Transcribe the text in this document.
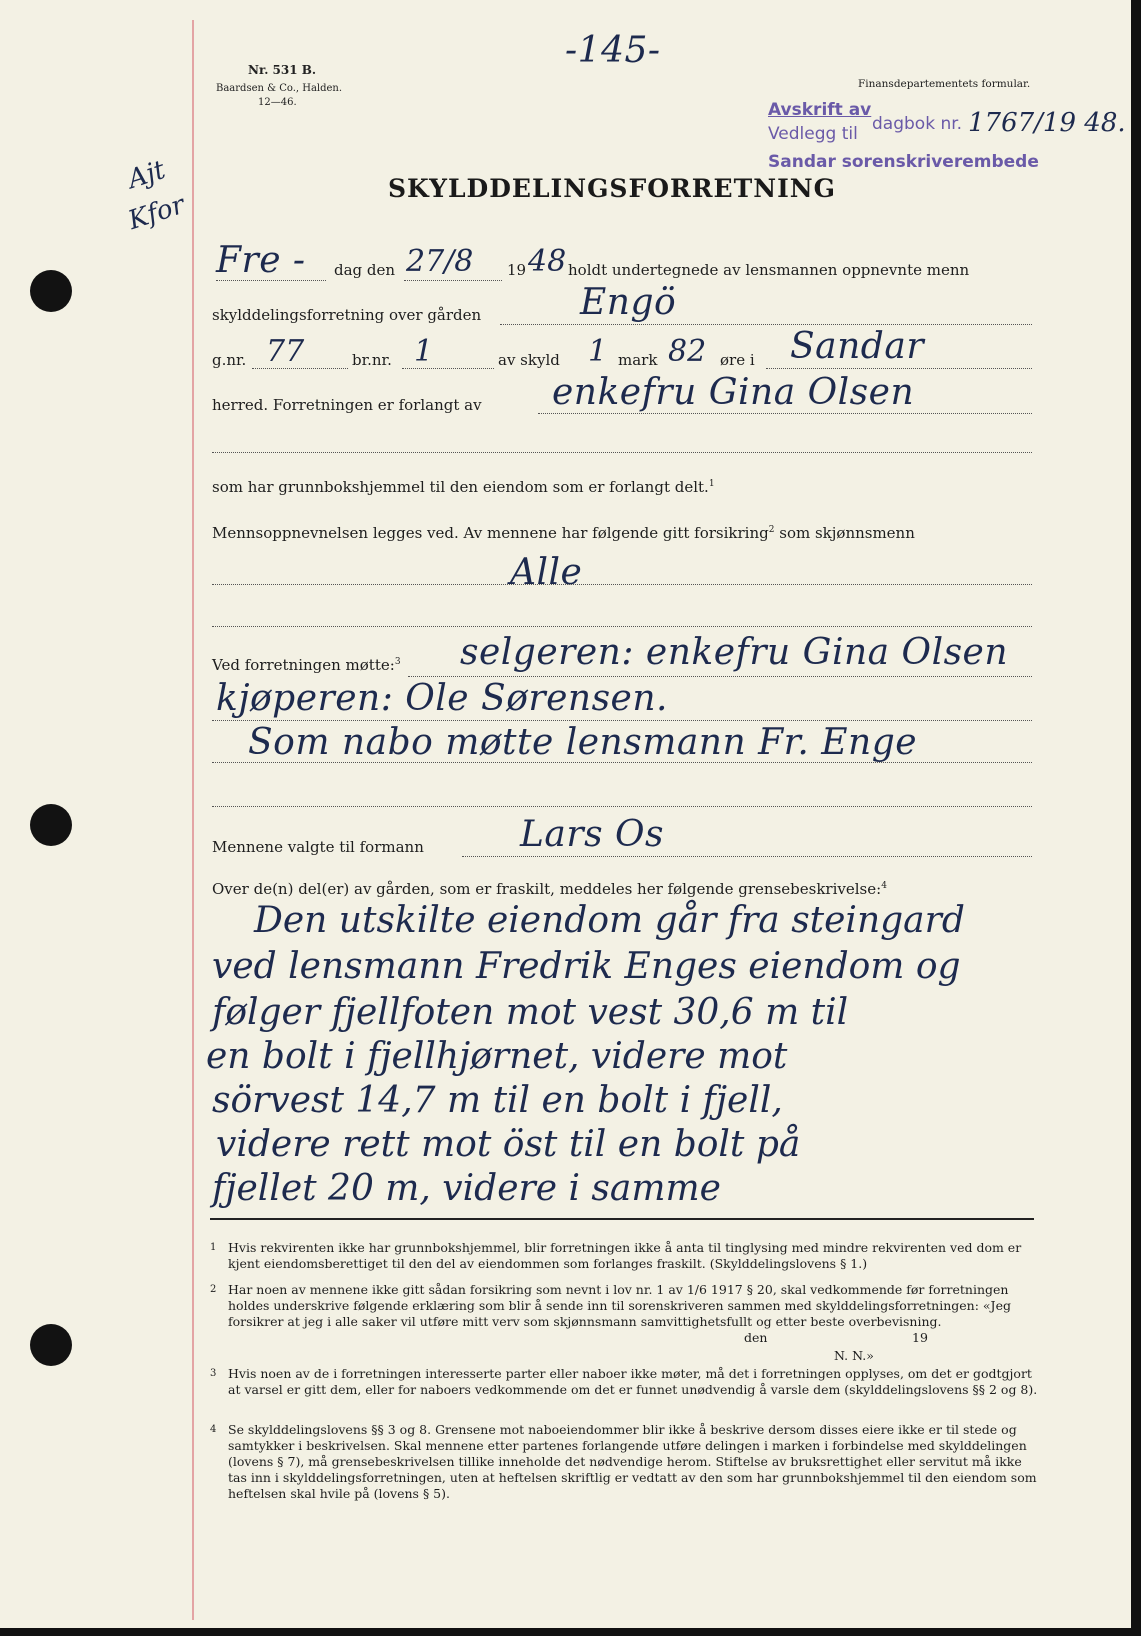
Nr. 531 B.
Baardsen & Co., Halden.
12—46.
-145-
Finansdepartementets formular.
Avskrift av
Vedlegg til dagbok nr. 1767/19 48.
Sandar sorenskriverembede
Ajt
Kfor
SKYLDDELINGSFORRETNING
Fre - dag den 27/8 19 48 holdt undertegnede av lensmannen oppnevnte menn
skylddelingsforretning over gården	Engö
g.nr. 77	br.nr. 1	av skyld 1 mark 82 øre i Sandar
herred. Forretningen er forlangt av enkefru Gina Olsen
som har grunnbokshjemmel til den eiendom som er forlangt delt.$^1$
Mennsoppnevnelsen legges ved. Av mennene har følgende gitt forsikring$^2$ som skjønnsmenn
Alle
Ved forretningen møtte:$^3$ selgeren: enkefru Gina Olsen
kjøperen: Ole Sørensen.
Som nabo møtte lensmann Fr. Enge
Mennene valgte til formann	Lars Os
Over de(n) del(er) av gården, som er fraskilt, meddeles her følgende grensebeskrivelse:$^4$
Den utskilte eiendom går fra steingard
ved lensmann Fredrik Enges eiendom og
følger fjellfoten mot vest 30,6 m til
en bolt i fjellhjørnet, videre mot
sörvest 14,7 m til en bolt i fjell,
videre rett mot öst til en bolt på
fjellet 20 m, videre i samme
1 Hvis rekvirenten ikke har grunnbokshjemmel, blir forretningen ikke å anta til tinglysing med mindre rekvirenten ved dom er kjent eiendomsberettiget til den del av eiendommen som forlanges fraskilt. (Skylddelingslovens § 1.)
2 Har noen av mennene ikke gitt sådan forsikring som nevnt i lov nr. 1 av 1/6 1917 § 20, skal vedkommende før forretningen holdes underskrive følgende erklæring som blir å sende inn til sorenskriveren sammen med skylddelingsforretningen: «Jeg forsikrer at jeg i alle saker vil utføre mitt verv som skjønnsmann samvittighetsfullt og etter beste overbevisning.
den	19
N. N.»
3 Hvis noen av de i forretningen interesserte parter eller naboer ikke møter, må det i forretningen opplyses, om det er godtgjort at varsel er gitt dem, eller for naboers vedkommende om det er funnet unødvendig å varsle dem (skylddelingslovens §§ 2 og 8).
4 Se skylddelingslovens §§ 3 og 8. Grensene mot naboeiendommer blir ikke å beskrive dersom disses eiere ikke er til stede og samtykker i beskrivelsen. Skal mennene etter partenes forlangende utføre delingen i marken i forbindelse med skylddelingen (lovens § 7), må grensebeskrivelsen tillike inneholde det nødvendige herom. Stiftelse av bruksrettighet eller servitut må ikke tas inn i skylddelingsforretningen, uten at heftelsen skriftlig er vedtatt av den som har grunnbokshjemmel til den eiendom som heftelsen skal hvile på (lovens § 5).
